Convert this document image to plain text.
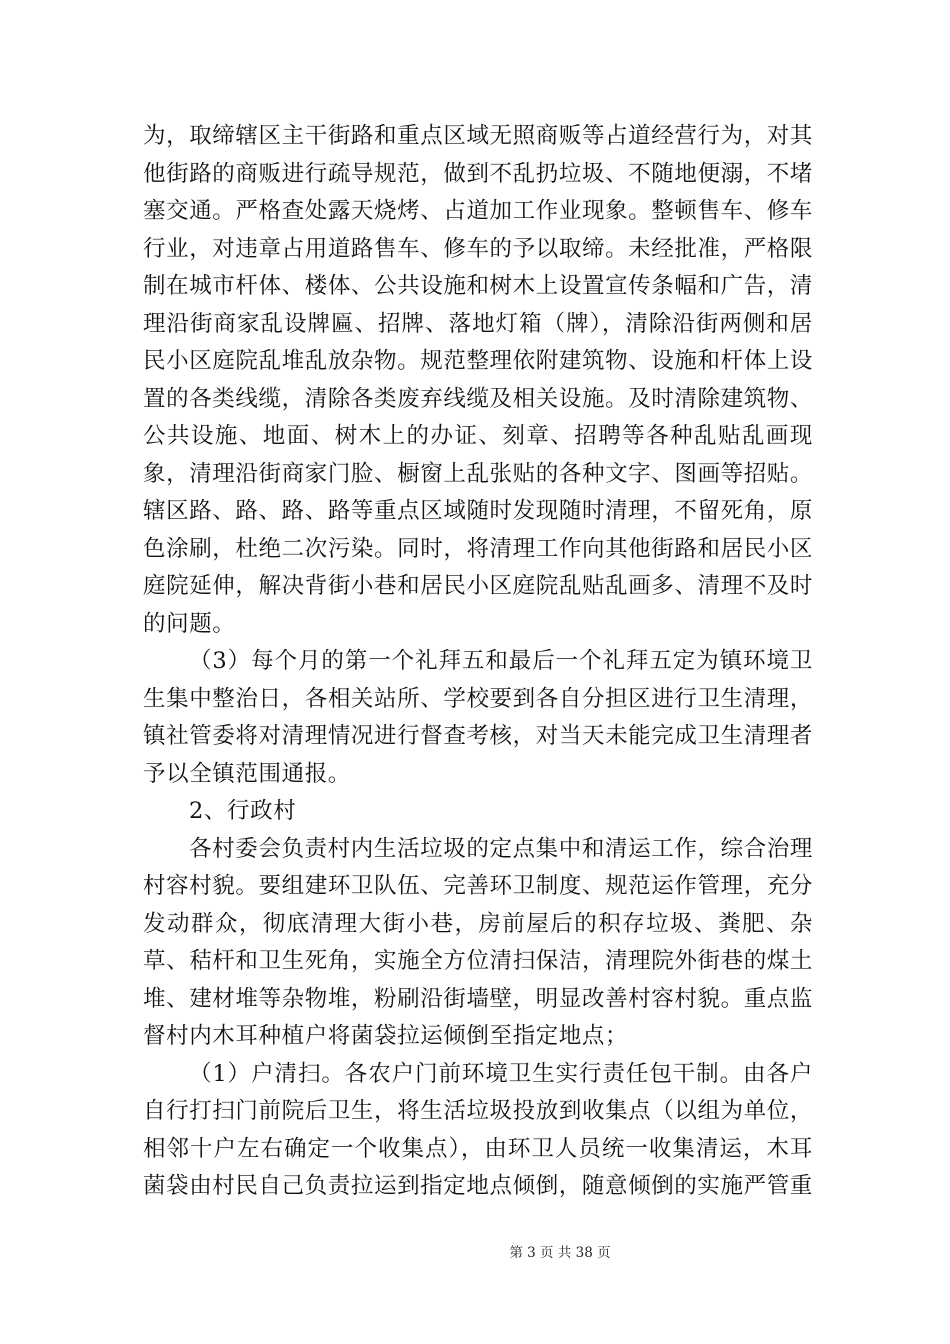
为，取缔辖区主干街路和重点区域无照商贩等占道经营行为，对其他街路的商贩进行疏导规范，做到不乱扔垃圾、不随地便溺，不堵塞交通。严格查处露天烧烤、占道加工作业现象。整顿售车、修车行业，对违章占用道路售车、修车的予以取缔。未经批准，严格限制在城市杆体、楼体、公共设施和树木上设置宣传条幅和广告，清理沿街商家乱设牌匾、招牌、落地灯箱（牌），清除沿街两侧和居民小区庭院乱堆乱放杂物。规范整理依附建筑物、设施和杆体上设置的各类线缆，清除各类废弃线缆及相关设施。及时清除建筑物、公共设施、地面、树木上的办证、刻章、招聘等各种乱贴乱画现象，清理沿街商家门脸、橱窗上乱张贴的各种文字、图画等招贴。辖区路、路、路、路等重点区域随时发现随时清理，不留死角，原色涂刷，杜绝二次污染。同时，将清理工作向其他街路和居民小区庭院延伸，解决背街小巷和居民小区庭院乱贴乱画多、清理不及时的问题。

（3）每个月的第一个礼拜五和最后一个礼拜五定为镇环境卫生集中整治日，各相关站所、学校要到各自分担区进行卫生清理，镇社管委将对清理情况进行督查考核，对当天未能完成卫生清理者予以全镇范围通报。

2、行政村

各村委会负责村内生活垃圾的定点集中和清运工作，综合治理村容村貌。要组建环卫队伍、完善环卫制度、规范运作管理，充分发动群众，彻底清理大街小巷，房前屋后的积存垃圾、粪肥、杂草、秸杆和卫生死角，实施全方位清扫保洁，清理院外街巷的煤土堆、建材堆等杂物堆，粉刷沿街墙壁，明显改善村容村貌。重点监督村内木耳种植户将菌袋拉运倾倒至指定地点；

（1）户清扫。各农户门前环境卫生实行责任包干制。由各户自行打扫门前院后卫生，将生活垃圾投放到收集点（以组为单位，相邻十户左右确定一个收集点），由环卫人员统一收集清运，木耳菌袋由村民自己负责拉运到指定地点倾倒，随意倾倒的实施严管重

第 3 页 共 38 页
